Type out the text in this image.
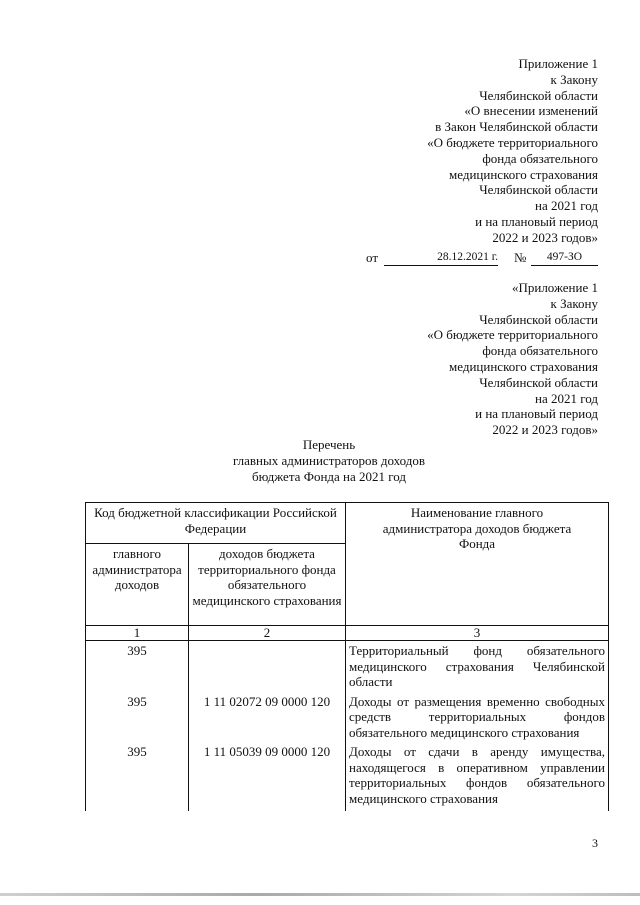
Приложение 1
к Закону
Челябинской области
«О внесении изменений
в Закон Челябинской области
«О бюджете территориального
фонда обязательного
медицинского страхования
Челябинской области
на 2021 год
и на плановый период
2022 и 2023 годов»
от	28.12.2021 г. №	497-ЗО
«Приложение 1
к Закону
Челябинской области
«О бюджете территориального
фонда обязательного
медицинского страхования
Челябинской области
на 2021 год
и на плановый период
2022 и 2023 годов»
Перечень
главных администраторов доходов
бюджета Фонда на 2021 год
Код бюджетной классификации Российской Федерации		Наименование главного администратора доходов бюджета Фонда
главного администратора доходов	доходов бюджета территориального фонда обязательного медицинского страхования	
1	2	3
395		Территориальный фонд обязательного медицинского страхования Челябинской области
395	1 11 02072 09 0000 120	Доходы от размещения временно свободных средств территориальных фондов обязательного медицинского страхования
395	1 11 05039 09 0000 120	Доходы от сдачи в аренду имущества, находящегося в оперативном управлении территориальных фондов обязательного медицинского страхования
3
